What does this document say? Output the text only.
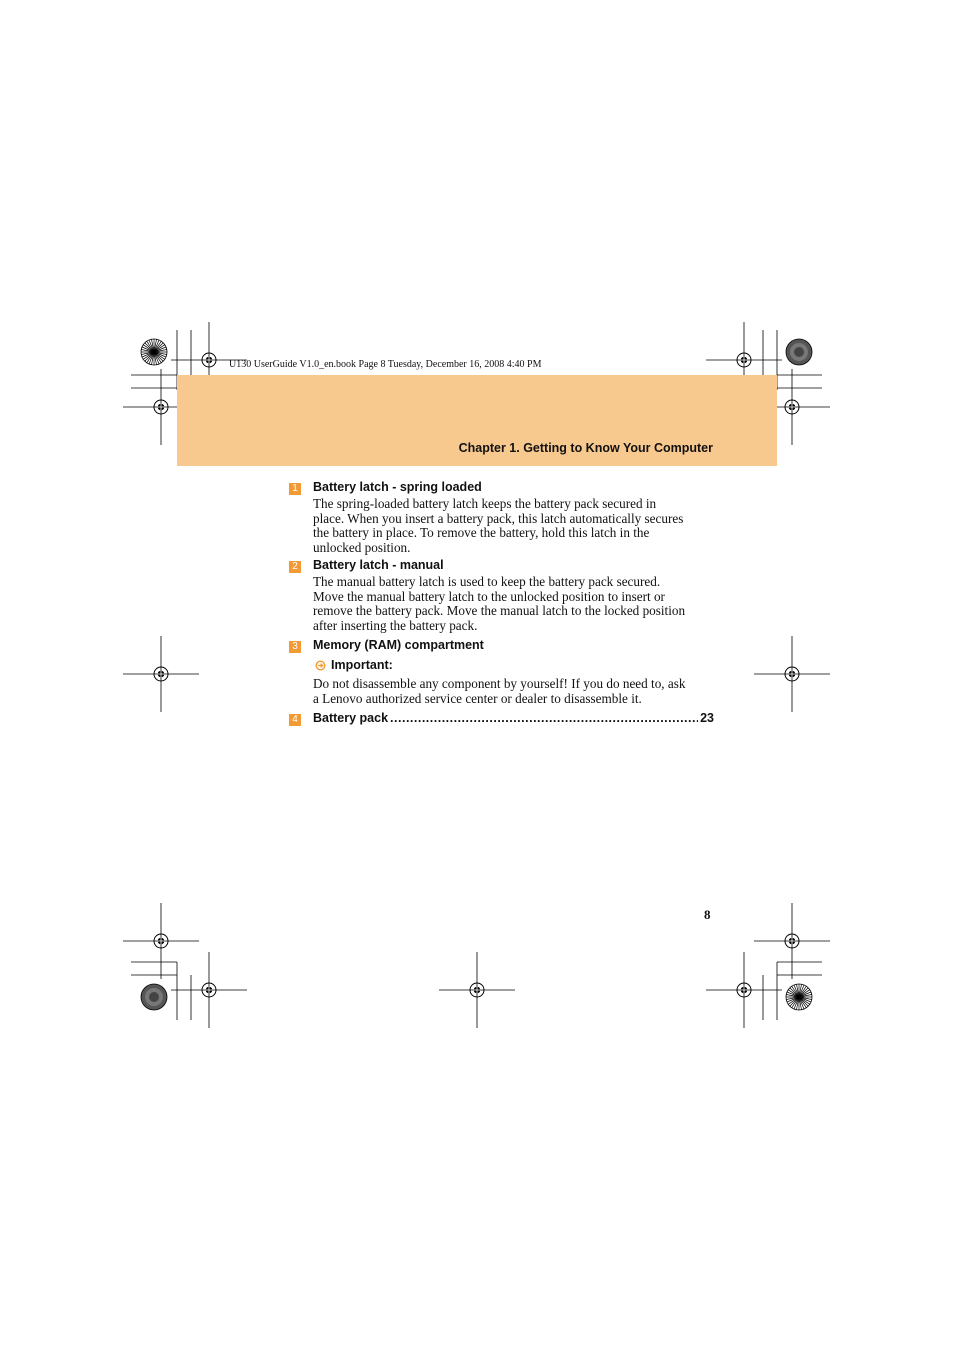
U130 UserGuide V1.0_en.book Page 8 Tuesday, December 16, 2008 4:40 PM
Chapter 1. Getting to Know Your Computer
1 Battery latch - spring loaded
The spring-loaded battery latch keeps the battery pack secured in
place. When you insert a battery pack, this latch automatically secures
the battery in place. To remove the battery, hold this latch in the
unlocked position.
2 Battery latch - manual
The manual battery latch is used to keep the battery pack secured.
Move the manual battery latch to the unlocked position to insert or
remove the battery pack. Move the manual latch to the locked position
after inserting the battery pack.
3 Memory (RAM) compartment
Important:
Do not disassemble any component by yourself! If you do need to, ask
a Lenovo authorized service center or dealer to disassemble it.
4 Battery pack
.....	23
8
